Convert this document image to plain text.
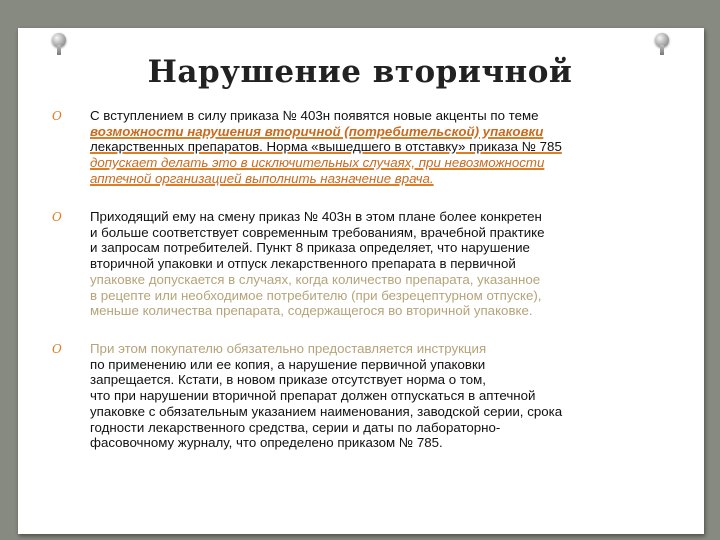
Нарушение вторичной
O С вступлением в силу приказа № 403н появятся новые акценты по теме
возможности нарушения вторичной (потребительской) упаковки
лекарственных препаратов. Норма «вышедшего в отставку» приказа № 785
допускает делать это в исключительных случаях, при невозможности
аптечной организацией выполнить назначение врача.
O Приходящий ему на смену приказ № 403н в этом плане более конкретен
и больше соответствует современным требованиям, врачебной практике
и запросам потребителей. Пункт 8 приказа определяет, что нарушение
вторичной упаковки и отпуск лекарственного препарата в первичной
упаковке допускается в случаях, когда количество препарата, указанное
в рецепте или необходимое потребителю (при безрецептурном отпуске),
меньше количества препарата, содержащегося во вторичной упаковке.
O При этом покупателю обязательно предоставляется инструкция
по применению или ее копия, а нарушение первичной упаковки
запрещается. Кстати, в новом приказе отсутствует норма о том,
что при нарушении вторичной препарат должен отпускаться в аптечной
упаковке с обязательным указанием наименования, заводской серии, срока
годности лекарственного средства, серии и даты по лабораторно-
фасовочному журналу, что определено приказом № 785.
